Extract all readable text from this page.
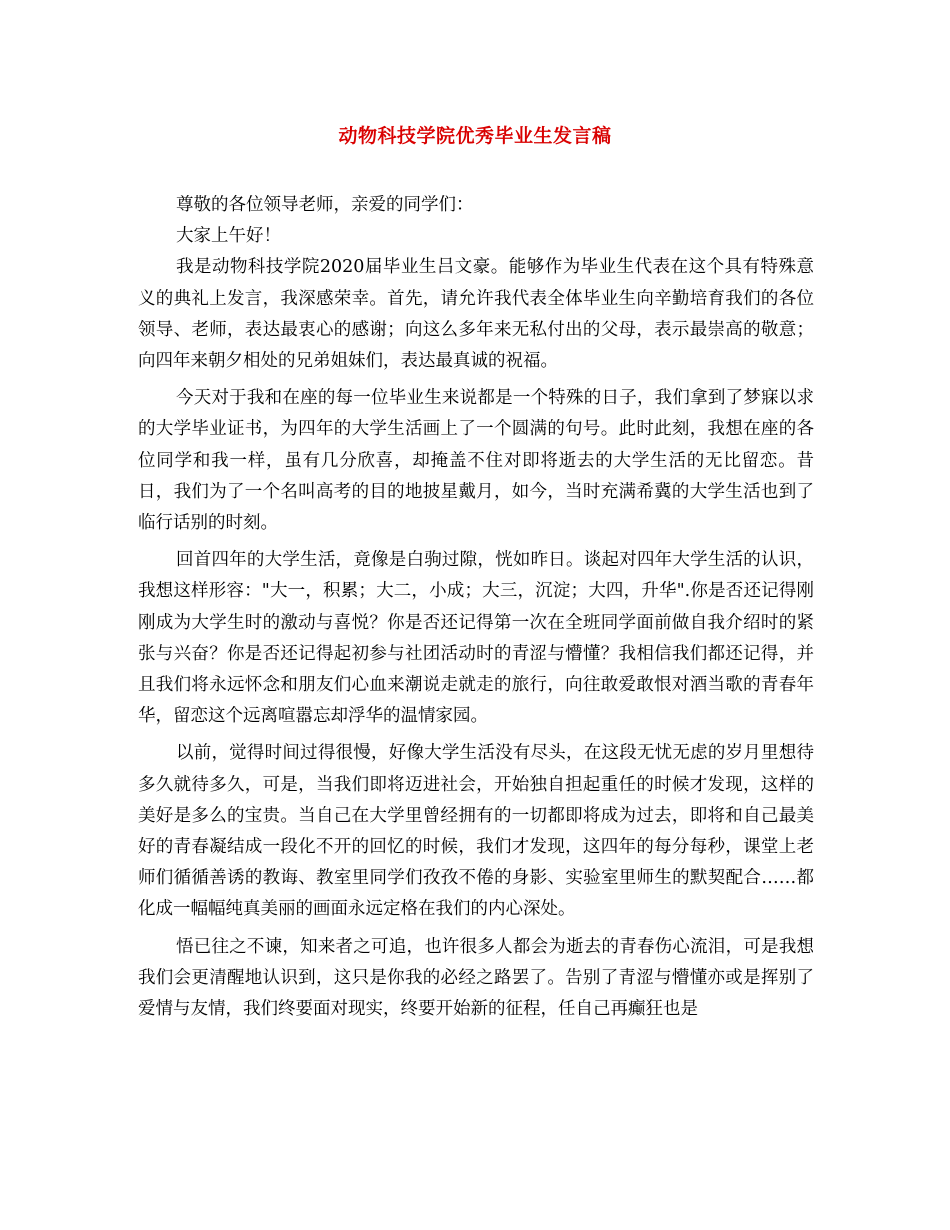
动物科技学院优秀毕业生发言稿

尊敬的各位领导老师，亲爱的同学们：

大家上午好！

我是动物科技学院2020届毕业生吕文豪。能够作为毕业生代表在这个具有特殊意义的典礼上发言，我深感荣幸。首先，请允许我代表全体毕业生向辛勤培育我们的各位领导、老师，表达最衷心的感谢；向这么多年来无私付出的父母，表示最崇高的敬意；向四年来朝夕相处的兄弟姐妹们，表达最真诚的祝福。

今天对于我和在座的每一位毕业生来说都是一个特殊的日子，我们拿到了梦寐以求的大学毕业证书，为四年的大学生活画上了一个圆满的句号。此时此刻，我想在座的各位同学和我一样，虽有几分欣喜，却掩盖不住对即将逝去的大学生活的无比留恋。昔日，我们为了一个名叫高考的目的地披星戴月，如今，当时充满希冀的大学生活也到了临行话别的时刻。

回首四年的大学生活，竟像是白驹过隙，恍如昨日。谈起对四年大学生活的认识，我想这样形容："大一，积累；大二，小成；大三，沉淀；大四，升华".你是否还记得刚刚成为大学生时的激动与喜悦？你是否还记得第一次在全班同学面前做自我介绍时的紧张与兴奋？你是否还记得起初参与社团活动时的青涩与懵懂？我相信我们都还记得，并且我们将永远怀念和朋友们心血来潮说走就走的旅行，向往敢爱敢恨对酒当歌的青春年华，留恋这个远离喧嚣忘却浮华的温情家园。

以前，觉得时间过得很慢，好像大学生活没有尽头，在这段无忧无虑的岁月里想待多久就待多久，可是，当我们即将迈进社会，开始独自担起重任的时候才发现，这样的美好是多么的宝贵。当自己在大学里曾经拥有的一切都即将成为过去，即将和自己最美好的青春凝结成一段化不开的回忆的时候，我们才发现，这四年的每分每秒，课堂上老师们循循善诱的教诲、教室里同学们孜孜不倦的身影、实验室里师生的默契配合……都化成一幅幅纯真美丽的画面永远定格在我们的内心深处。

悟已往之不谏，知来者之可追，也许很多人都会为逝去的青春伤心流泪，可是我想我们会更清醒地认识到，这只是你我的必经之路罢了。告别了青涩与懵懂亦或是挥别了爱情与友情，我们终要面对现实，终要开始新的征程，任自己再癫狂也是
